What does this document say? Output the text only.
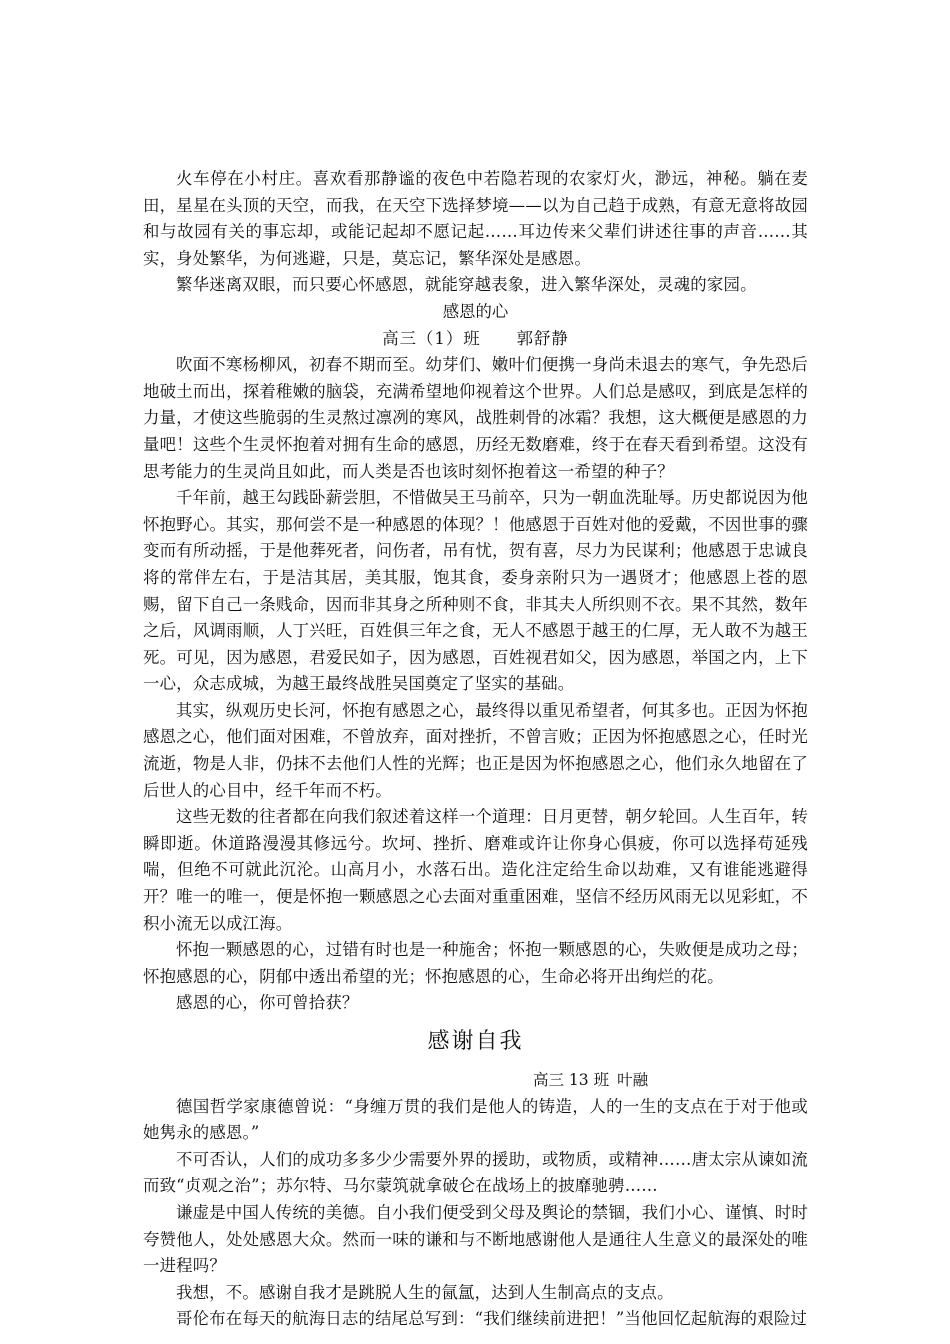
火车停在小村庄。喜欢看那静谧的夜色中若隐若现的农家灯火，渺远，神秘。躺在麦田，星星在头顶的天空，而我，在天空下选择梦境——以为自己趋于成熟，有意无意将故园和与故园有关的事忘却，或能记起却不愿记起……耳边传来父辈们讲述往事的声音……其实，身处繁华，为何逃避，只是，莫忘记，繁华深处是感恩。

繁华迷离双眼，而只要心怀感恩，就能穿越表象，进入繁华深处，灵魂的家园。

感恩的心
高三（1）班 郭舒静

吹面不寒杨柳风，初春不期而至。幼芽们、嫩叶们便携一身尚未退去的寒气，争先恐后地破土而出，探着稚嫩的脑袋，充满希望地仰视着这个世界。人们总是感叹，到底是怎样的力量，才使这些脆弱的生灵熬过凛冽的寒风，战胜刺骨的冰霜？我想，这大概便是感恩的力量吧！这些个生灵怀抱着对拥有生命的感恩，历经无数磨难，终于在春天看到希望。这没有思考能力的生灵尚且如此，而人类是否也该时刻怀抱着这一希望的种子？

千年前，越王勾践卧薪尝胆，不惜做吴王马前卒，只为一朝血洗耻辱。历史都说因为他怀抱野心。其实，那何尝不是一种感恩的体现？！他感恩于百姓对他的爱戴，不因世事的骤变而有所动摇，于是他葬死者，问伤者，吊有忧，贺有喜，尽力为民谋利；他感恩于忠诚良将的常伴左右，于是洁其居，美其服，饱其食，委身亲附只为一遇贤才；他感恩上苍的恩赐，留下自己一条贱命，因而非其身之所种则不食，非其夫人所织则不衣。果不其然，数年之后，风调雨顺，人丁兴旺，百姓俱三年之食，无人不感恩于越王的仁厚，无人敢不为越王死。可见，因为感恩，君爱民如子，因为感恩，百姓视君如父，因为感恩，举国之内，上下一心，众志成城，为越王最终战胜吴国奠定了坚实的基础。

其实，纵观历史长河，怀抱有感恩之心，最终得以重见希望者，何其多也。正因为怀抱感恩之心，他们面对困难，不曾放弃，面对挫折，不曾言败；正因为怀抱感恩之心，任时光流逝，物是人非，仍抹不去他们人性的光辉；也正是因为怀抱感恩之心，他们永久地留在了后世人的心目中，经千年而不朽。

这些无数的往者都在向我们叙述着这样一个道理：日月更替，朝夕轮回。人生百年，转瞬即逝。休道路漫漫其修远兮。坎坷、挫折、磨难或许让你身心俱疲，你可以选择苟延残喘，但绝不可就此沉沦。山高月小，水落石出。造化注定给生命以劫难，又有谁能逃避得开？唯一的唯一，便是怀抱一颗感恩之心去面对重重困难，坚信不经历风雨无以见彩虹，不积小流无以成江海。

怀抱一颗感恩的心，过错有时也是一种施舍；怀抱一颗感恩的心，失败便是成功之母；怀抱感恩的心，阴郁中透出希望的光；怀抱感恩的心，生命必将开出绚烂的花。

感恩的心，你可曾拾获？

感谢自我
高三 13 班 叶融

德国哲学家康德曾说：“身缠万贯的我们是他人的铸造，人的一生的支点在于对于他或她隽永的感恩。”

不可否认，人们的成功多多少少需要外界的援助，或物质，或精神……唐太宗从谏如流而致“贞观之治”；苏尔特、马尔蒙筑就拿破仑在战场上的披靡驰骋……

谦虚是中国人传统的美德。自小我们便受到父母及舆论的禁锢，我们小心、谨慎、时时夸赞他人，处处感恩大众。然而一味的谦和与不断地感谢他人是通往人生意义的最深处的唯一进程吗？

我想，不。感谢自我才是跳脱人生的氤氲，达到人生制高点的支点。

哥伦布在每天的航海日志的结尾总写到：“我们继续前进把！”当他回忆起航海的艰险过
